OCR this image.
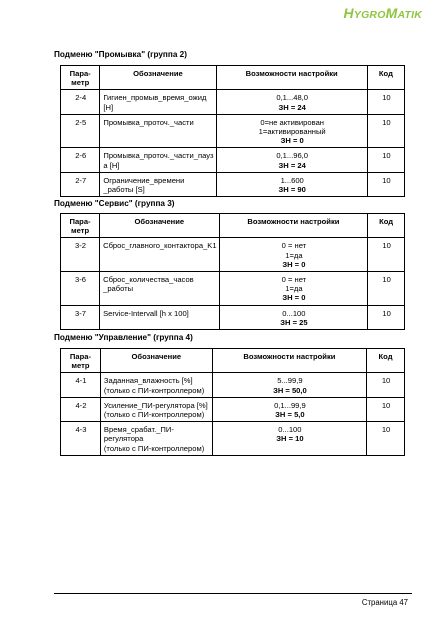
HYGROMATIK
Подменю "Промывка" (группа 2)
Пара-
метр	Обозначение	Возможности настройки	Код
2-4	Гигиен_промыв_время_ожид
[H]	0,1...48,0
ЗН = 24	10
2-5	Промывка_проточ._части	0=не активирован
1=активированный
ЗН = 0	10
2-6	Промывка_проточ._части_пауз
а [H]	0,1...96,0
ЗН = 24	10
2-7	Ограничение_времени
_работы [S]	1...600
ЗН = 90	10
Подменю "Сервис" (группа 3)
Пара-
метр	Обозначение	Возможности настройки	Код
3-2	Сброс_главного_контактора_K1	0 = нет
1=да
ЗН = 0	10
3-6	Сброс_количества_часов
_работы	0 = нет
1=да
ЗН = 0	10
3-7	Service-Intervall [h x 100]	0...100
ЗН = 25	10
Подменю "Управление" (группа 4)
Пара-
метр	Обозначение	Возможности настройки	Код
4-1	Заданная_влажность [%]
(только с ПИ-контроллером)	5...99,9
ЗН = 50,0	10
4-2	Усиление_ПИ-регулятора [%]
(только с ПИ-контроллером)	0,1...99,9
ЗН = 5,0	10
4-3	Время_срабат._ПИ-регулятора
(только с ПИ-контроллером)	0...100
ЗН = 10	10
Страница 47
